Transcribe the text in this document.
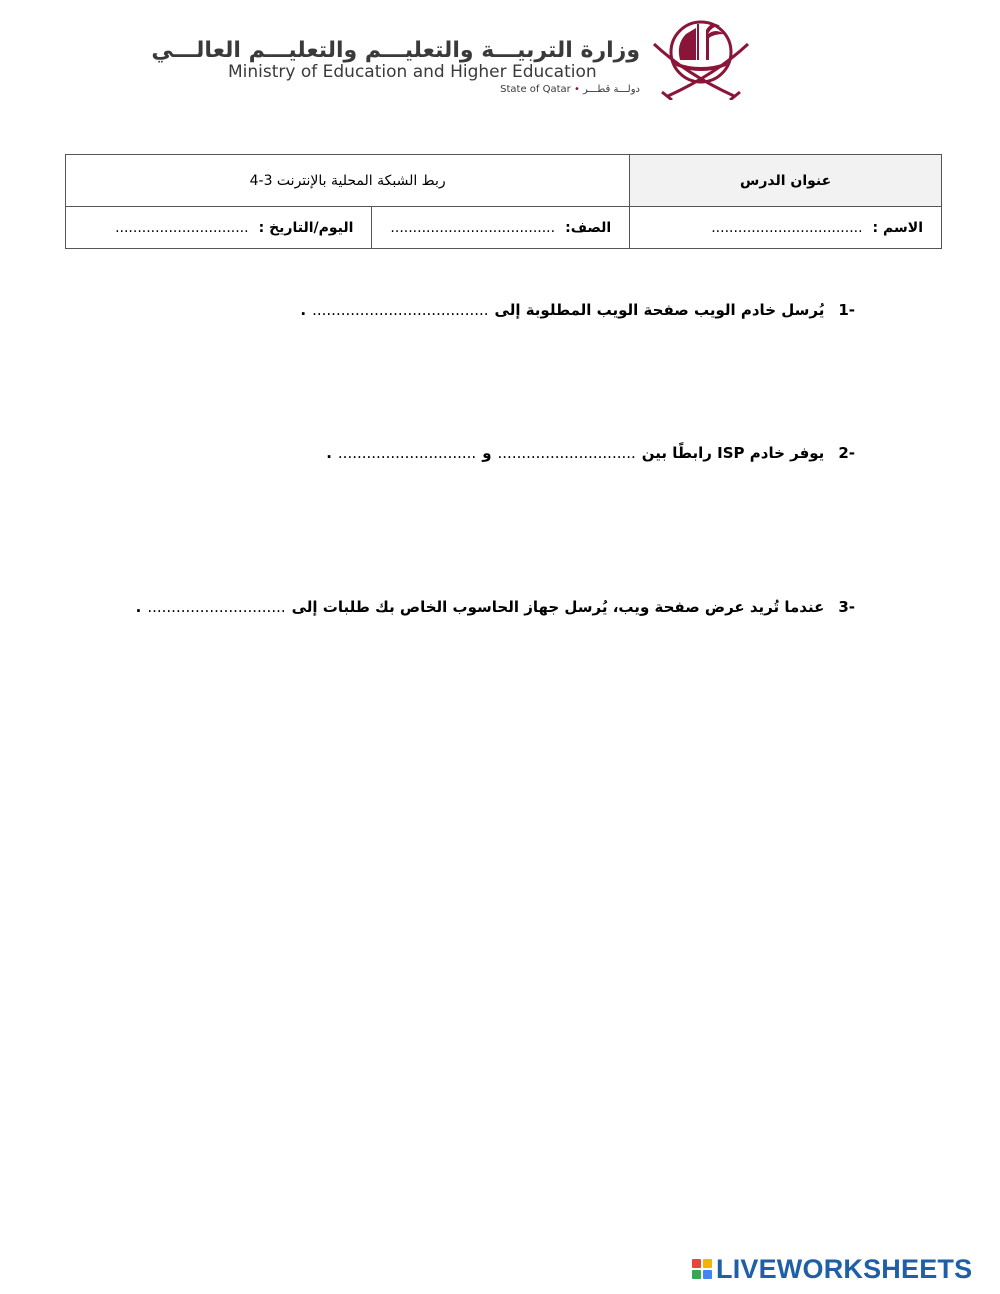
وزارة التربيـــة والتعليـــم والتعليـــم العالـــي
Ministry of Education and Higher Education
State of Qatar • دولـــة قطـــر
عنوان الدرس	ربط الشبكة المحلية بالإنترنت 3-4	
الاسم :..................................	الصف:.....................................	اليوم/التاريخ :..............................
-1يُرسل خادم الويب صفحة الويب المطلوبة إلى......................................
-2يوفر خادم ISP رابطًا بين.............................و..............................
-3عندما تُريد عرض صفحة ويب، يُرسل جهاز الحاسوب الخاص بك طلبات إلى..............................
LIVEWORKSHEETS
